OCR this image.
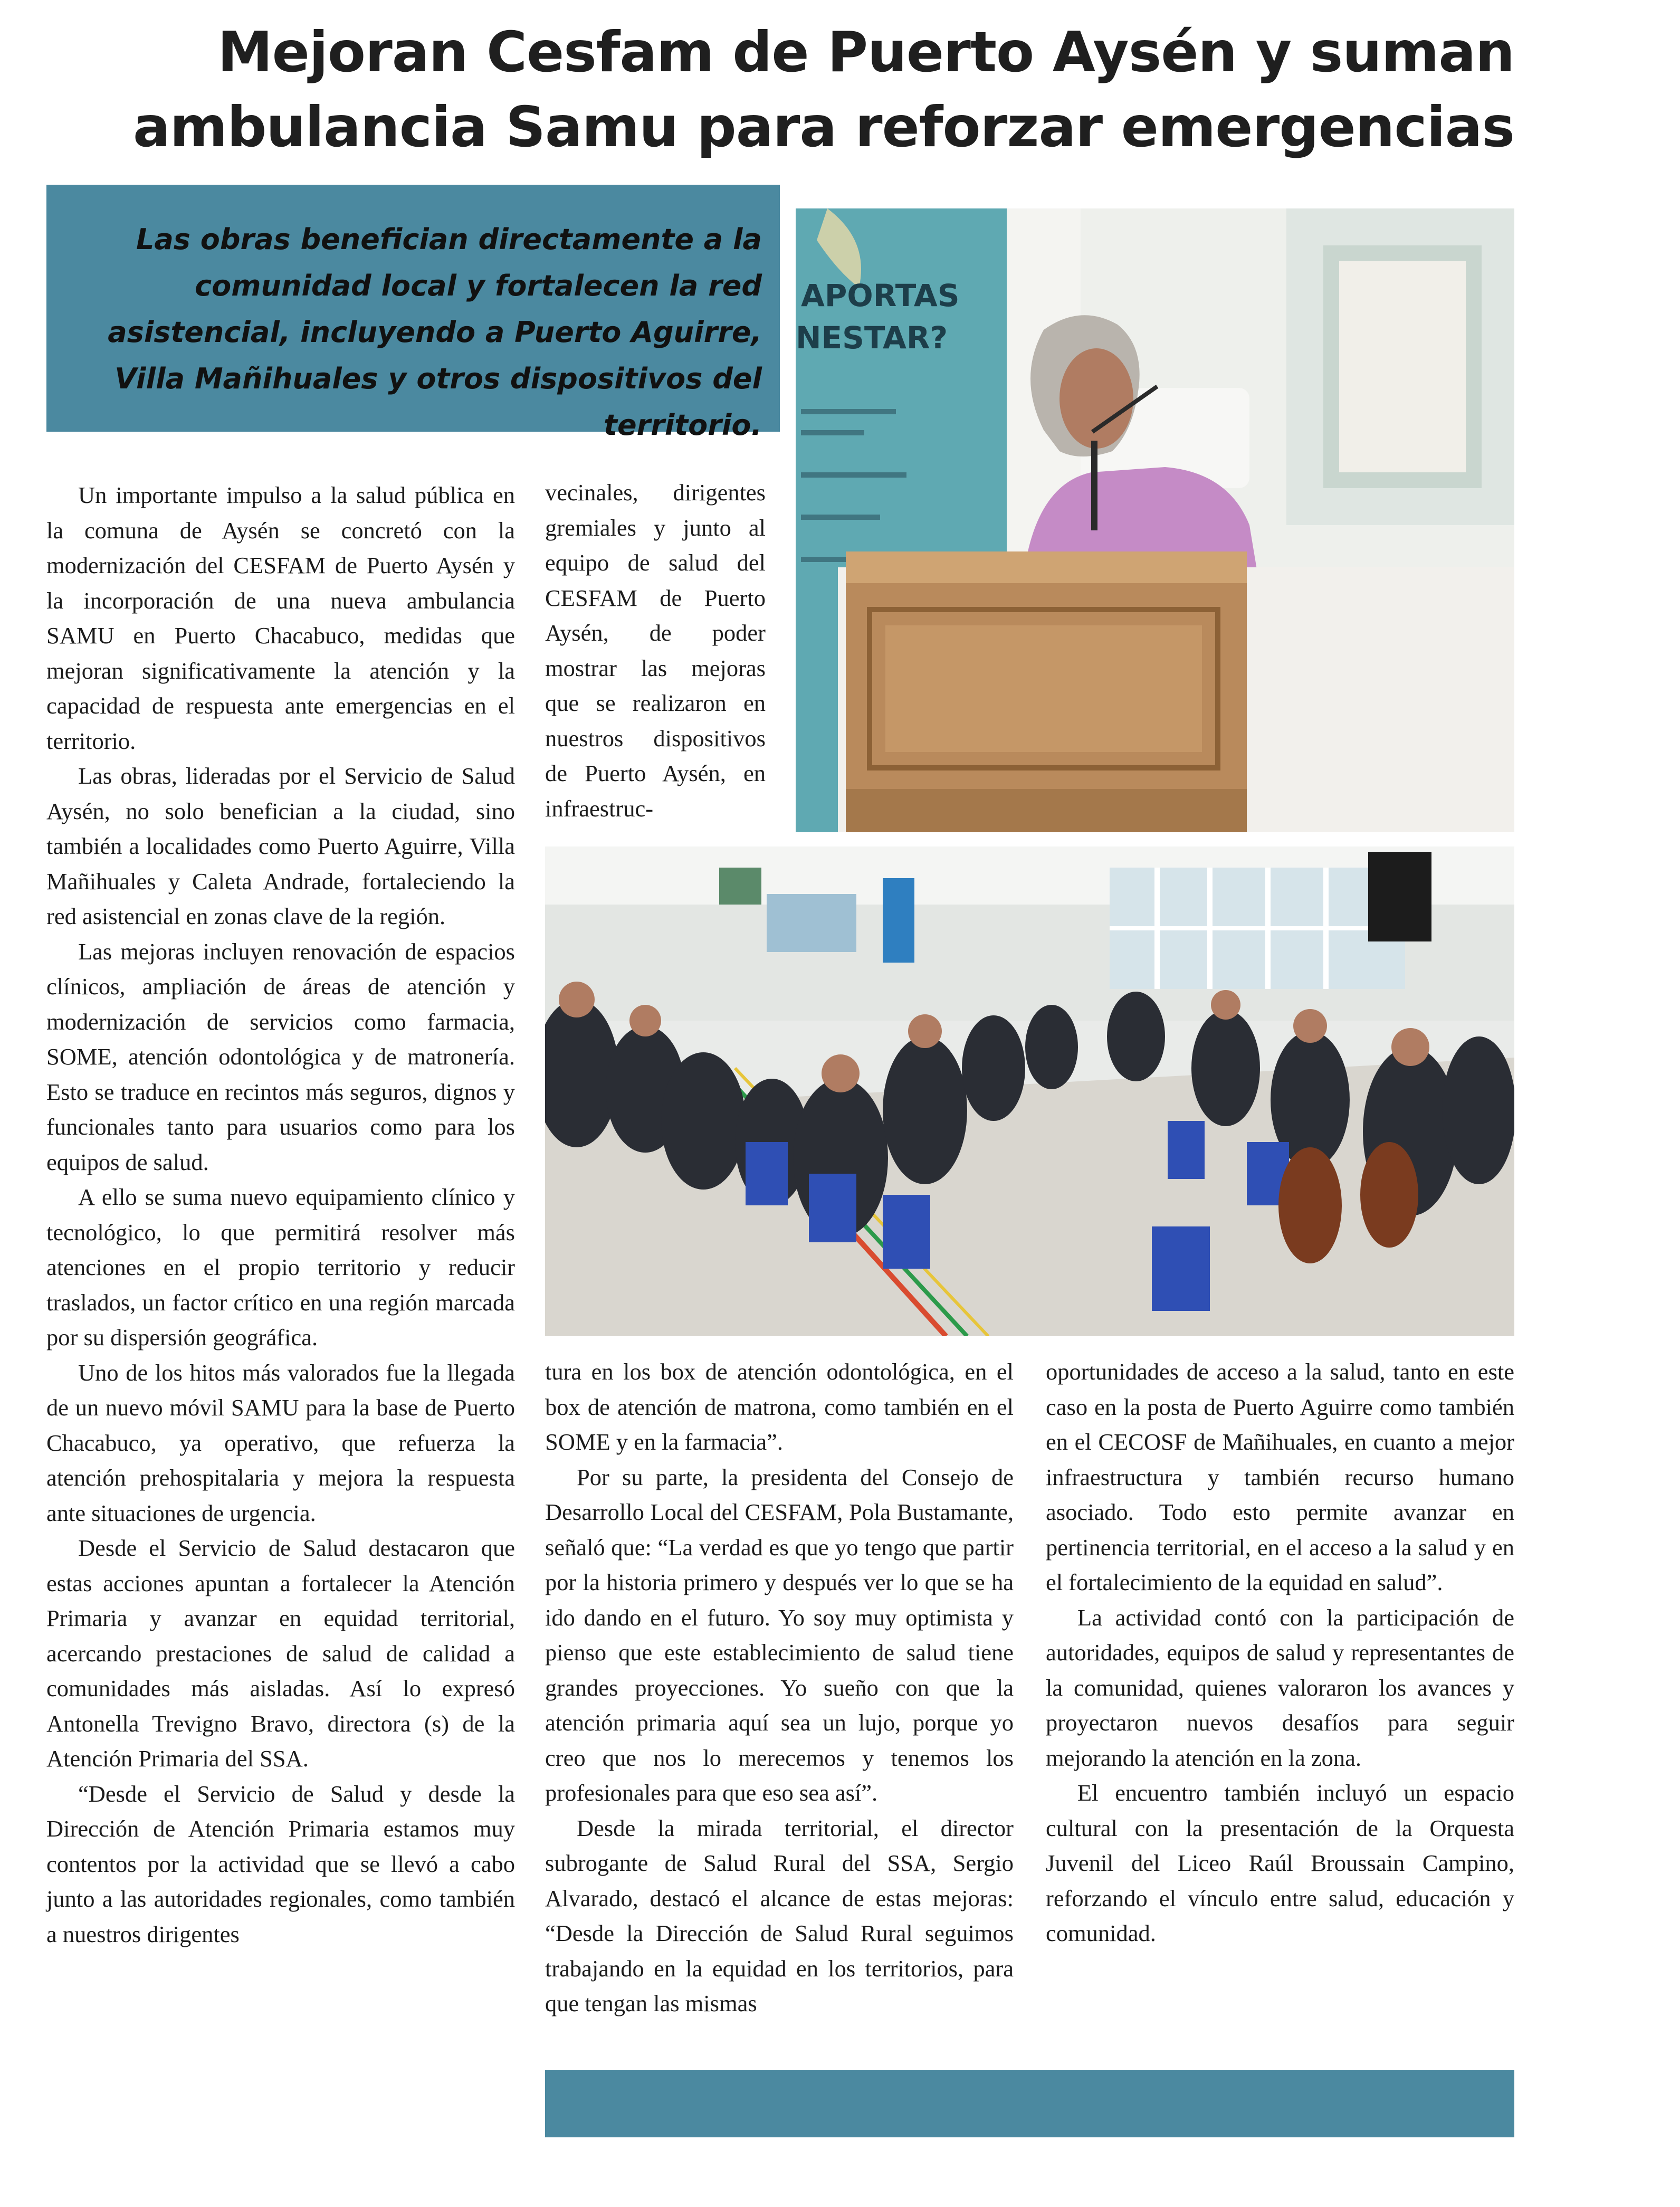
Mejoran Cesfam de Puerto Aysén y suman
ambulancia Samu para reforzar emergencias

Las obras benefician directamente a la comunidad local y fortalecen la red asistencial, incluyendo a Puerto Aguirre, Villa Mañihuales y otros dispositivos del territorio.

APORTAS
NESTAR?

Un importante impulso a la salud pública en la comuna de Aysén se concretó con la modernización del CESFAM de Puerto Aysén y la incorporación de una nueva ambulancia SAMU en Puerto Chacabuco, medidas que mejoran significativamente la atención y la capacidad de respuesta ante emergencias en el territorio.

Las obras, lideradas por el Servicio de Salud Aysén, no solo benefician a la ciudad, sino también a localidades como Puerto Aguirre, Villa Mañihuales y Caleta Andrade, fortaleciendo la red asistencial en zonas clave de la región.

Las mejoras incluyen renovación de espacios clínicos, ampliación de áreas de atención y modernización de servicios como farmacia, SOME, atención odontológica y de matronería. Esto se traduce en recintos más seguros, dignos y funcionales tanto para usuarios como para los equipos de salud.

A ello se suma nuevo equipamiento clínico y tecnológico, lo que permitirá resolver más atenciones en el propio territorio y reducir traslados, un factor crítico en una región marcada por su dispersión geográfica.

Uno de los hitos más valorados fue la llegada de un nuevo móvil SAMU para la base de Puerto Chacabuco, ya operativo, que refuerza la atención prehospitalaria y mejora la respuesta ante situaciones de urgencia.

Desde el Servicio de Salud destacaron que estas acciones apuntan a fortalecer la Atención Primaria y avanzar en equidad territorial, acercando prestaciones de salud de calidad a comunidades más aisladas. Así lo expresó Antonella Trevigno Bravo, directora (s) de la Atención Primaria del SSA.

“Desde el Servicio de Salud y desde la Dirección de Atención Primaria estamos muy contentos por la actividad que se llevó a cabo junto a las autoridades regionales, como también a nuestros dirigentes

vecinales, dirigentes gremiales y junto al equipo de salud del CESFAM de Puerto Aysén, de poder mostrar las mejoras que se realizaron en nuestros dispositivos de Puerto Aysén, en infraestruc-

tura en los box de atención odontológica, en el box de atención de matrona, como también en el SOME y en la farmacia”.

Por su parte, la presidenta del Consejo de Desarrollo Local del CESFAM, Pola Bustamante, señaló que: “La verdad es que yo tengo que partir por la historia primero y después ver lo que se ha ido dando en el futuro. Yo soy muy optimista y pienso que este establecimiento de salud tiene grandes proyecciones. Yo sueño con que la atención primaria aquí sea un lujo, porque yo creo que nos lo merecemos y tenemos los profesionales para que eso sea así”.

Desde la mirada territorial, el director subrogante de Salud Rural del SSA, Sergio Alvarado, destacó el alcance de estas mejoras: “Desde la Dirección de Salud Rural seguimos trabajando en la equidad en los territorios, para que tengan las mismas

oportunidades de acceso a la salud, tanto en este caso en la posta de Puerto Aguirre como también en el CECOSF de Mañihuales, en cuanto a mejor infraestructura y también recurso humano asociado. Todo esto permite avanzar en pertinencia territorial, en el acceso a la salud y en el fortalecimiento de la equidad en salud”.

La actividad contó con la participación de autoridades, equipos de salud y representantes de la comunidad, quienes valoraron los avances y proyectaron nuevos desafíos para seguir mejorando la atención en la zona.

El encuentro también incluyó un espacio cultural con la presentación de la Orquesta Juvenil del Liceo Raúl Broussain Campino, reforzando el vínculo entre salud, educación y comunidad.
